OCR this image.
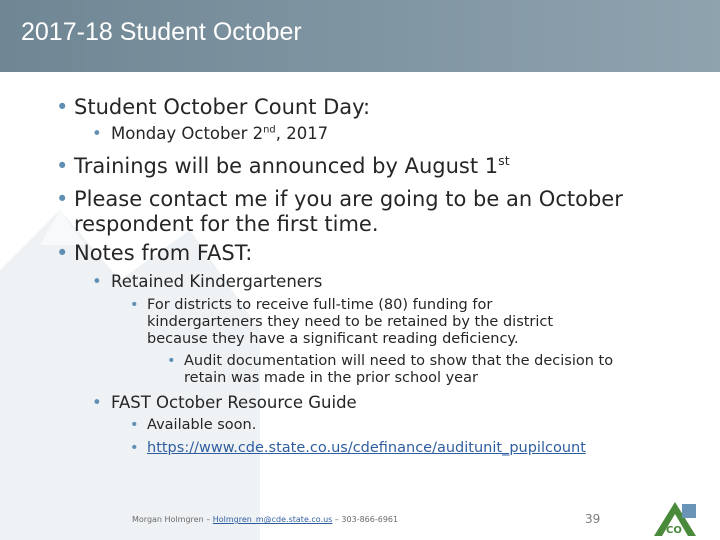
2017-18 Student October
• Student October Count Day:
• Monday October 2nd, 2017
• Trainings will be announced by August 1st
• Please contact me if you are going to be an October
respondent for the first time.
• Notes from FAST:
• Retained Kindergarteners
• For districts to receive full-time (80) funding for
kindergarteners they need to be retained by the district
because they have a significant reading deficiency.
• Audit documentation will need to show that the decision to
retain was made in the prior school year
• FAST October Resource Guide
• Available soon.
• https://www.cde.state.co.us/cdefinance/auditunit_pupilcount
Morgan Holmgren – Holmgren_m@cde.state.co.us – 303-866-6961	39
CO
